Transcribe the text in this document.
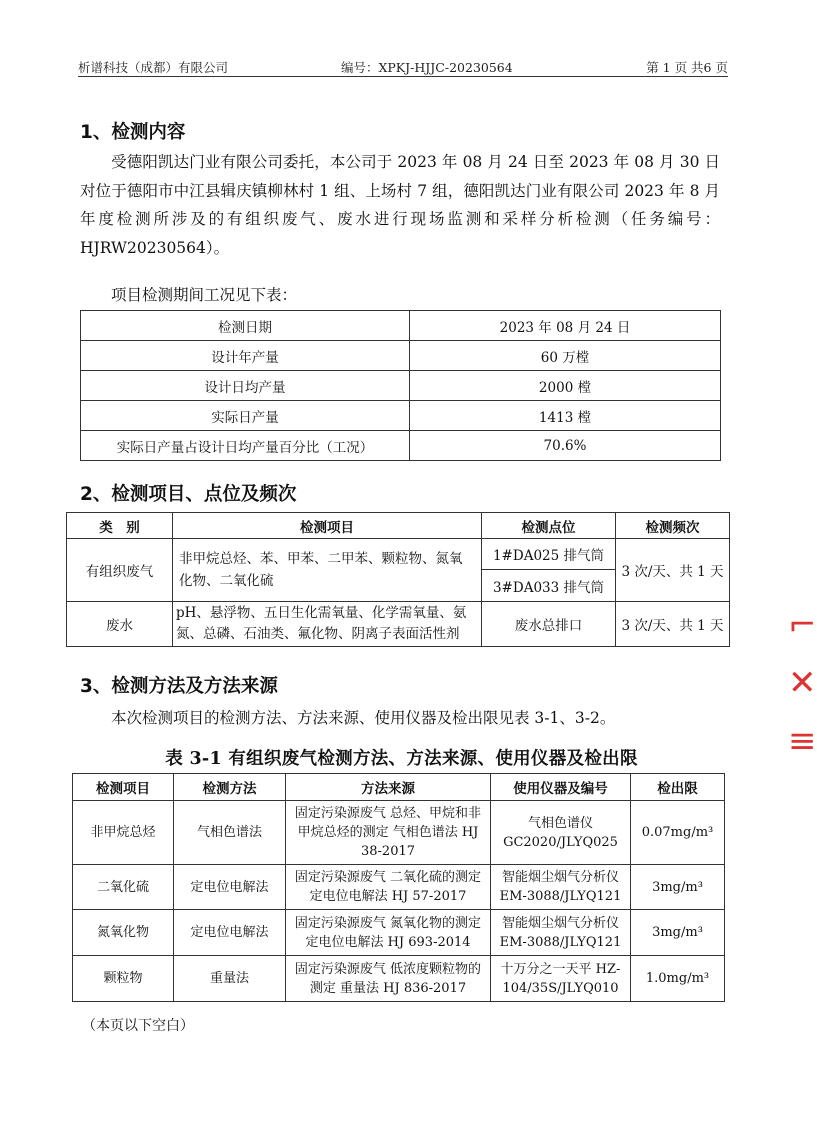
析谱科技（成都）有限公司	编号：XPKJ-HJJC-20230564	第 1 页 共6 页
1、检测内容
受德阳凯达门业有限公司委托，本公司于 2023 年 08 月 24 日至 2023 年 08 月 30 日对位于德阳市中江县辑庆镇柳林村 1 组、上场村 7 组，德阳凯达门业有限公司 2023 年 8 月年度检测所涉及的有组织废气、废水进行现场监测和采样分析检测（任务编号：HJRW20230564）。
项目检测期间工况见下表：
检测日期	2023 年 08 月 24 日
设计年产量	60 万樘
设计日均产量	2000 樘
实际日产量	1413 樘
实际日产量占设计日均产量百分比（工况）	70.6%
2、检测项目、点位及频次
类　别	检测项目	检测点位	检测频次
有组织废气	非甲烷总烃、苯、甲苯、二甲苯、颗粒物、氮氧化物、二氧化硫	1#DA025 排气筒	3 次/天、共 1 天
		3#DA033 排气筒	
废水	pH、悬浮物、五日生化需氧量、化学需氧量、氨氮、总磷、石油类、氟化物、阴离子表面活性剂	废水总排口	3 次/天、共 1 天
3、检测方法及方法来源
本次检测项目的检测方法、方法来源、使用仪器及检出限见表 3-1、3-2。
表 3-1 有组织废气检测方法、方法来源、使用仪器及检出限
检测项目	检测方法	方法来源	使用仪器及编号	检出限
非甲烷总烃	气相色谱法	固定污染源废气 总烃、甲烷和非甲烷总烃的测定 气相色谱法 HJ 38-2017	气相色谱仪 GC2020/JLYQ025	0.07mg/m³
二氧化硫	定电位电解法	固定污染源废气 二氧化硫的测定 定电位电解法 HJ 57-2017	智能烟尘烟气分析仪 EM-3088/JLYQ121	3mg/m³
氮氧化物	定电位电解法	固定污染源废气 氮氧化物的测定 定电位电解法 HJ 693-2014	智能烟尘烟气分析仪 EM-3088/JLYQ121	3mg/m³
颗粒物	重量法	固定污染源废气 低浓度颗粒物的测定 重量法 HJ 836-2017	十万分之一天平 HZ-104/35S/JLYQ010	1.0mg/m³
（本页以下空白）
⌐
✕
≡
